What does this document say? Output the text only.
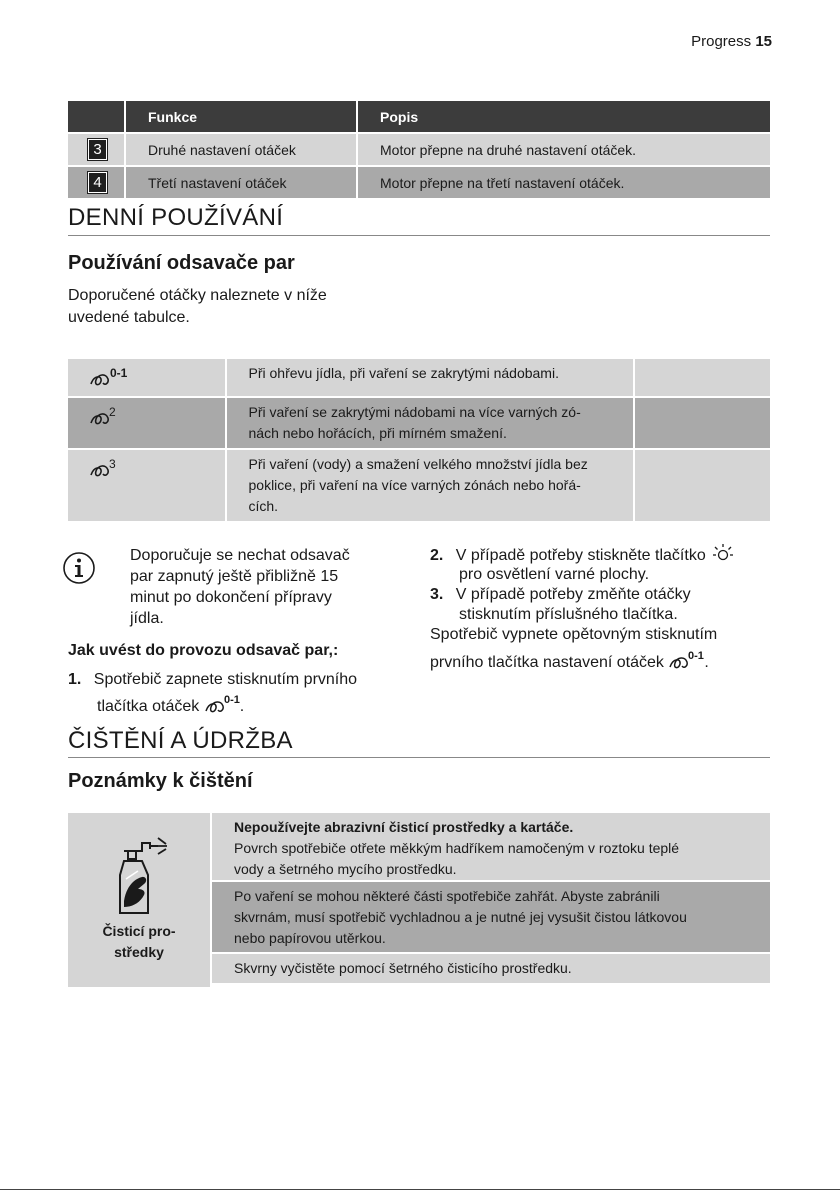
Progress 15
	Funkce	Popis
3	Druhé nastavení otáček	Motor přepne na druhé nastavení otáček.
4	Třetí nastavení otáček	Motor přepne na třetí nastavení otáček.
DENNÍ POUŽÍVÁNÍ
Používání odsavače par
Doporučené otáčky naleznete v níže
uvedené tabulce.
0-1	Při ohřevu jídla, při vaření se zakrytými nádobami.	

2	Při vaření se zakrytými nádobami na více varných zó-
nách nebo hořácích, při mírném smažení.	

3	Při vaření (vody) a smažení velkého množství jídla bez
poklice, při vaření na více varných zónách nebo hořá-
cích.	

Doporučuje se nechat odsavač
par zapnutý ještě přibližně 15
minut po dokončení přípravy
jídla.
Jak uvést do provozu odsavač par,:
1. Spotřebič zapnete stisknutím prvního
tlačítka otáček 0-1 .
2. V případě potřeby stiskněte tlačítko
pro osvětlení varné plochy.
3. V případě potřeby změňte otáčky
stisknutím příslušného tlačítka.
Spotřebič vypnete opětovným stisknutím
prvního tlačítka nastavení otáček 0-1 .
ČIŠTĚNÍ A ÚDRŽBA
Poznámky k čištění
Čisticí pro-
středky
Nepoužívejte abrazivní čisticí prostředky a kartáče.
Povrch spotřebiče otřete měkkým hadříkem namočeným v roztoku teplé
vody a šetrného mycího prostředku.
Po vaření se mohou některé části spotřebiče zahřát. Abyste zabránili
skvrnám, musí spotřebič vychladnou a je nutné jej vysušit čistou látkovou
nebo papírovou utěrkou.
Skvrny vyčistěte pomocí šetrného čisticího prostředku.
